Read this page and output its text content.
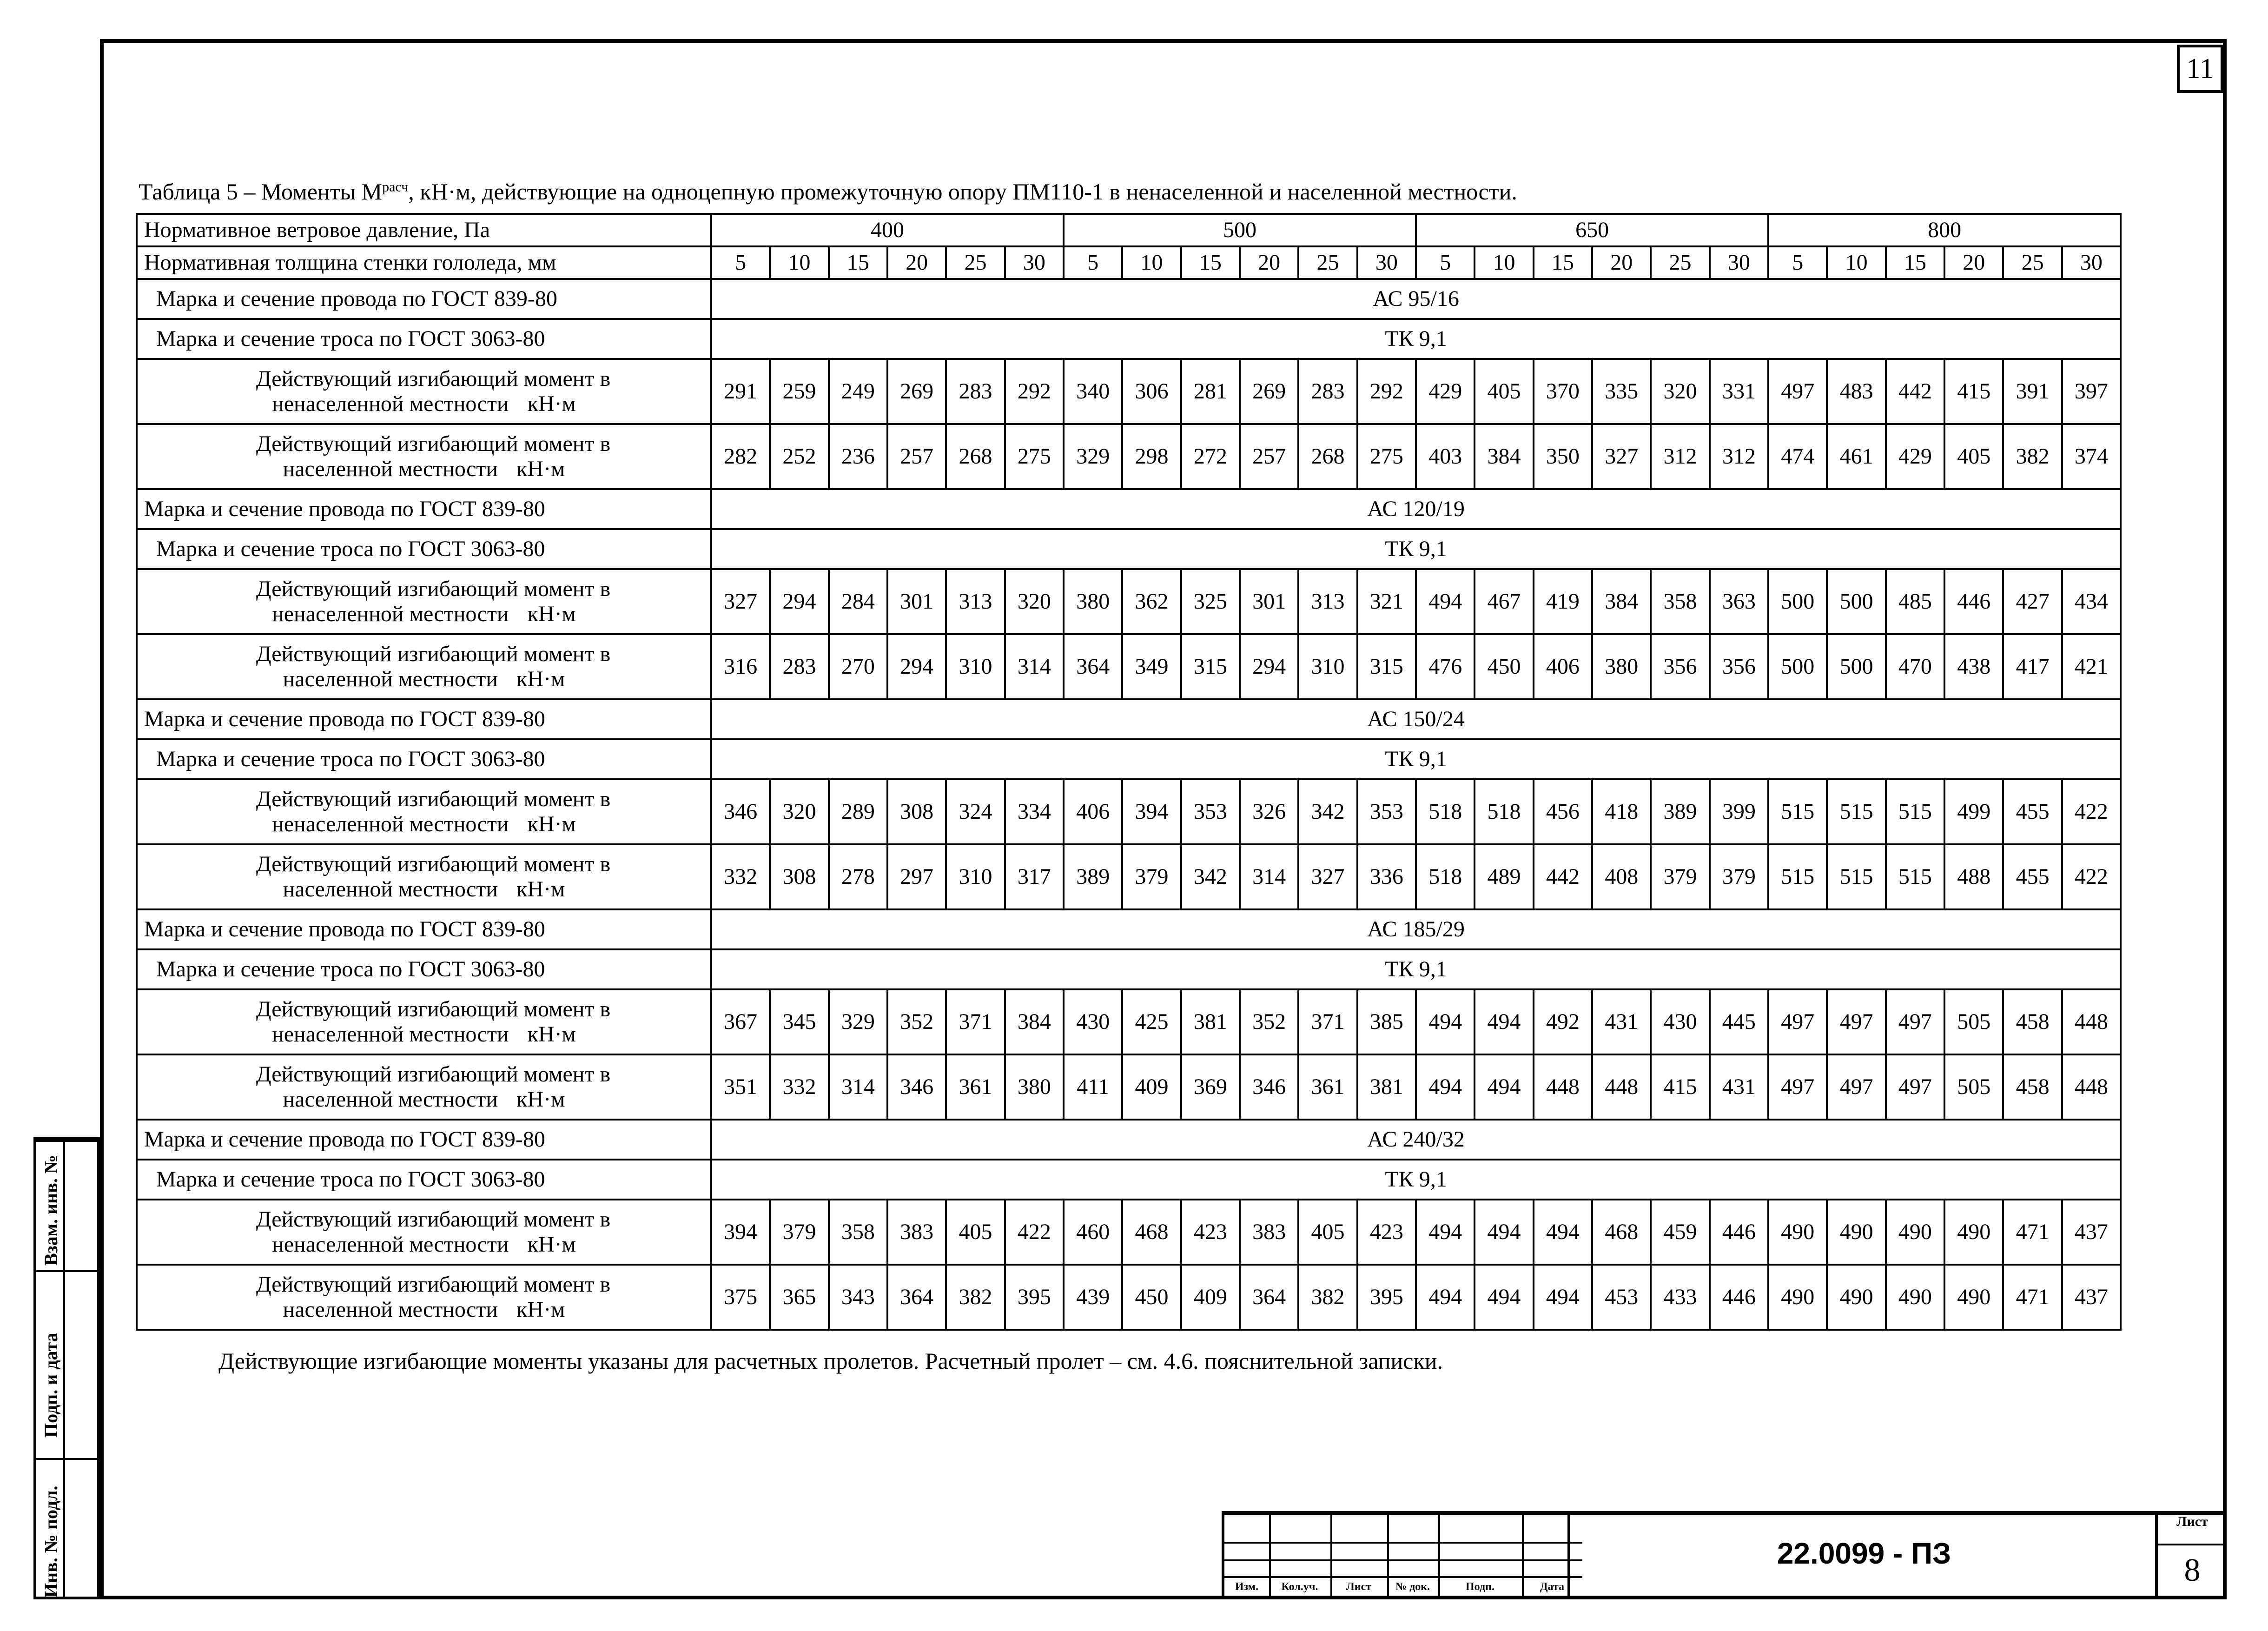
11
Таблица 5 – Моменты $М^{расч}$, кН·м, действующие на одноцепную промежуточную опору ПМ110-1 в ненаселенной и населенной местности.
Нормативное ветровое давление, Па	400						500						650						800					
Нормативная толщина стенки гололеда, мм	5	10	15	20	25	30	5	10	15	20	25	30	5	10	15	20	25	30	5	10	15	20	25	30
Марка и сечение провода по ГОСТ 839-80	АС 95/16																							
Марка и сечение троса по ГОСТ 3063-80	ТК 9,1																							

Действующий изгибающий момент в
ненаселенной местности кН·м	291	259	249	269	283	292	340	306	281	269	283	292	429	405	370	335	320	331	497	483	442	415	391	397

Действующий изгибающий момент в
населенной местности кН·м	282	252	236	257	268	275	329	298	272	257	268	275	403	384	350	327	312	312	474	461	429	405	382	374
Марка и сечение провода по ГОСТ 839-80	АС 120/19																							
Марка и сечение троса по ГОСТ 3063-80	ТК 9,1																							

Действующий изгибающий момент в
ненаселенной местности кН·м	327	294	284	301	313	320	380	362	325	301	313	321	494	467	419	384	358	363	500	500	485	446	427	434

Действующий изгибающий момент в
населенной местности кН·м	316	283	270	294	310	314	364	349	315	294	310	315	476	450	406	380	356	356	500	500	470	438	417	421
Марка и сечение провода по ГОСТ 839-80	АС 150/24																							
Марка и сечение троса по ГОСТ 3063-80	ТК 9,1																							

Действующий изгибающий момент в
ненаселенной местности кН·м	346	320	289	308	324	334	406	394	353	326	342	353	518	518	456	418	389	399	515	515	515	499	455	422

Действующий изгибающий момент в
населенной местности кН·м	332	308	278	297	310	317	389	379	342	314	327	336	518	489	442	408	379	379	515	515	515	488	455	422
Марка и сечение провода по ГОСТ 839-80	АС 185/29																							
Марка и сечение троса по ГОСТ 3063-80	ТК 9,1																							

Действующий изгибающий момент в
ненаселенной местности кН·м	367	345	329	352	371	384	430	425	381	352	371	385	494	494	492	431	430	445	497	497	497	505	458	448

Действующий изгибающий момент в
населенной местности кН·м	351	332	314	346	361	380	411	409	369	346	361	381	494	494	448	448	415	431	497	497	497	505	458	448
Марка и сечение провода по ГОСТ 839-80	АС 240/32																							
Марка и сечение троса по ГОСТ 3063-80	ТК 9,1																							

Действующий изгибающий момент в
ненаселенной местности кН·м	394	379	358	383	405	422	460	468	423	383	405	423	494	494	494	468	459	446	490	490	490	490	471	437

Действующий изгибающий момент в
населенной местности кН·м	375	365	343	364	382	395	439	450	409	364	382	395	494	494	494	453	433	446	490	490	490	490	471	437
Действующие изгибающие моменты указаны для расчетных пролетов. Расчетный пролет – см. 4.6. пояснительной записки.
Взам. инв. №
Подп. и дата
Инв. № подл.	Изм.	Кол.уч.	Лист	№ док.	Подп.	Дата
22.0099 - ПЗ
Лист
8
